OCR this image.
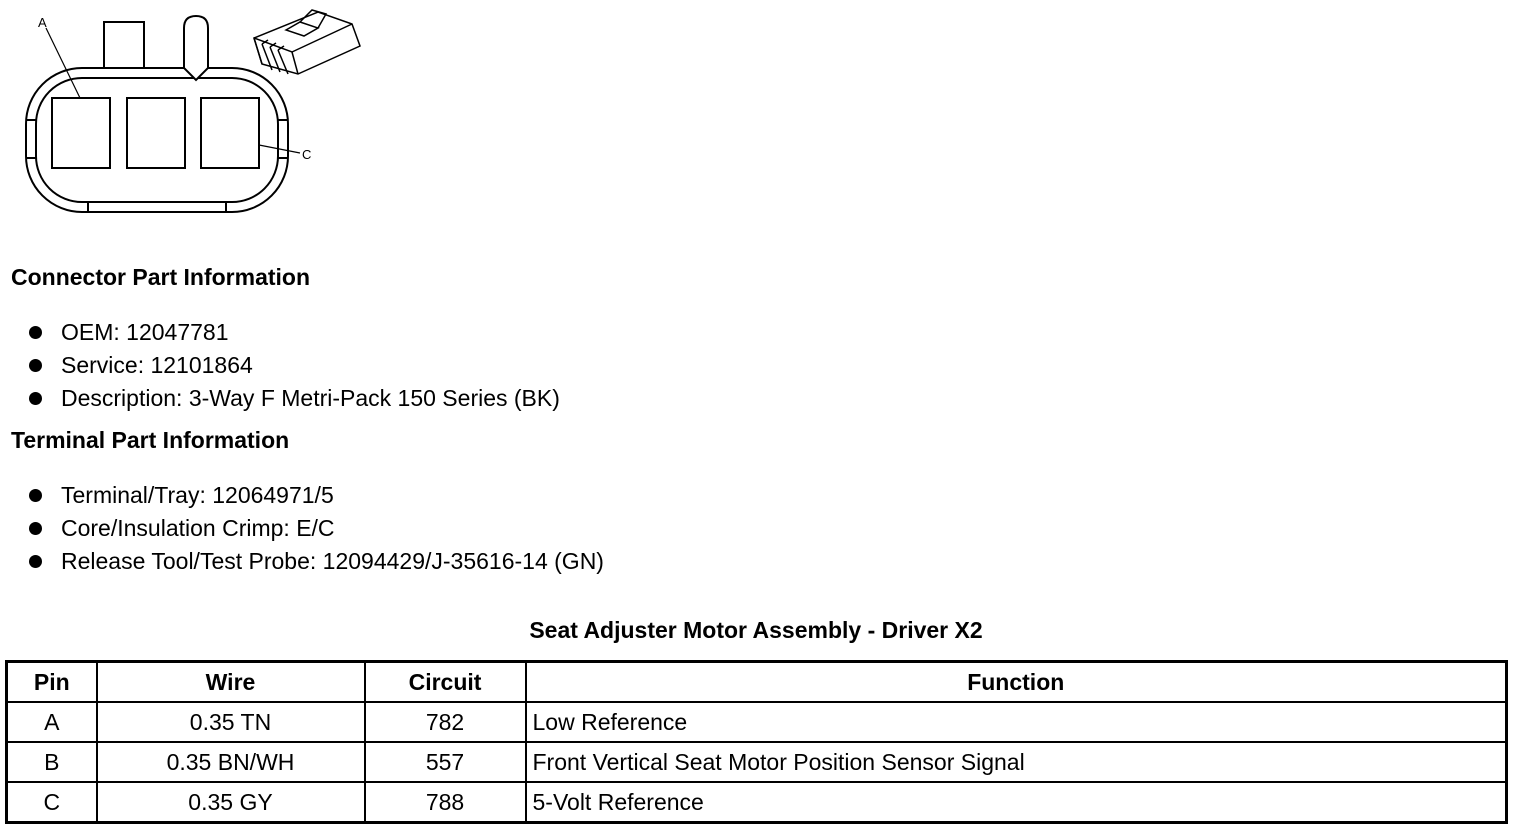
A
C
Connector Part Information
OEM: 12047781
Service: 12101864
Description: 3-Way F Metri-Pack 150 Series (BK)
Terminal Part Information
Terminal/Tray: 12064971/5
Core/Insulation Crimp: E/C
Release Tool/Test Probe: 12094429/J-35616-14 (GN)
Seat Adjuster Motor Assembly - Driver X2
Pin	Wire	Circuit	Function
A	0.35 TN	782	Low Reference
B	0.35 BN/WH	557	Front Vertical Seat Motor Position Sensor Signal
C	0.35 GY	788	5-Volt Reference
